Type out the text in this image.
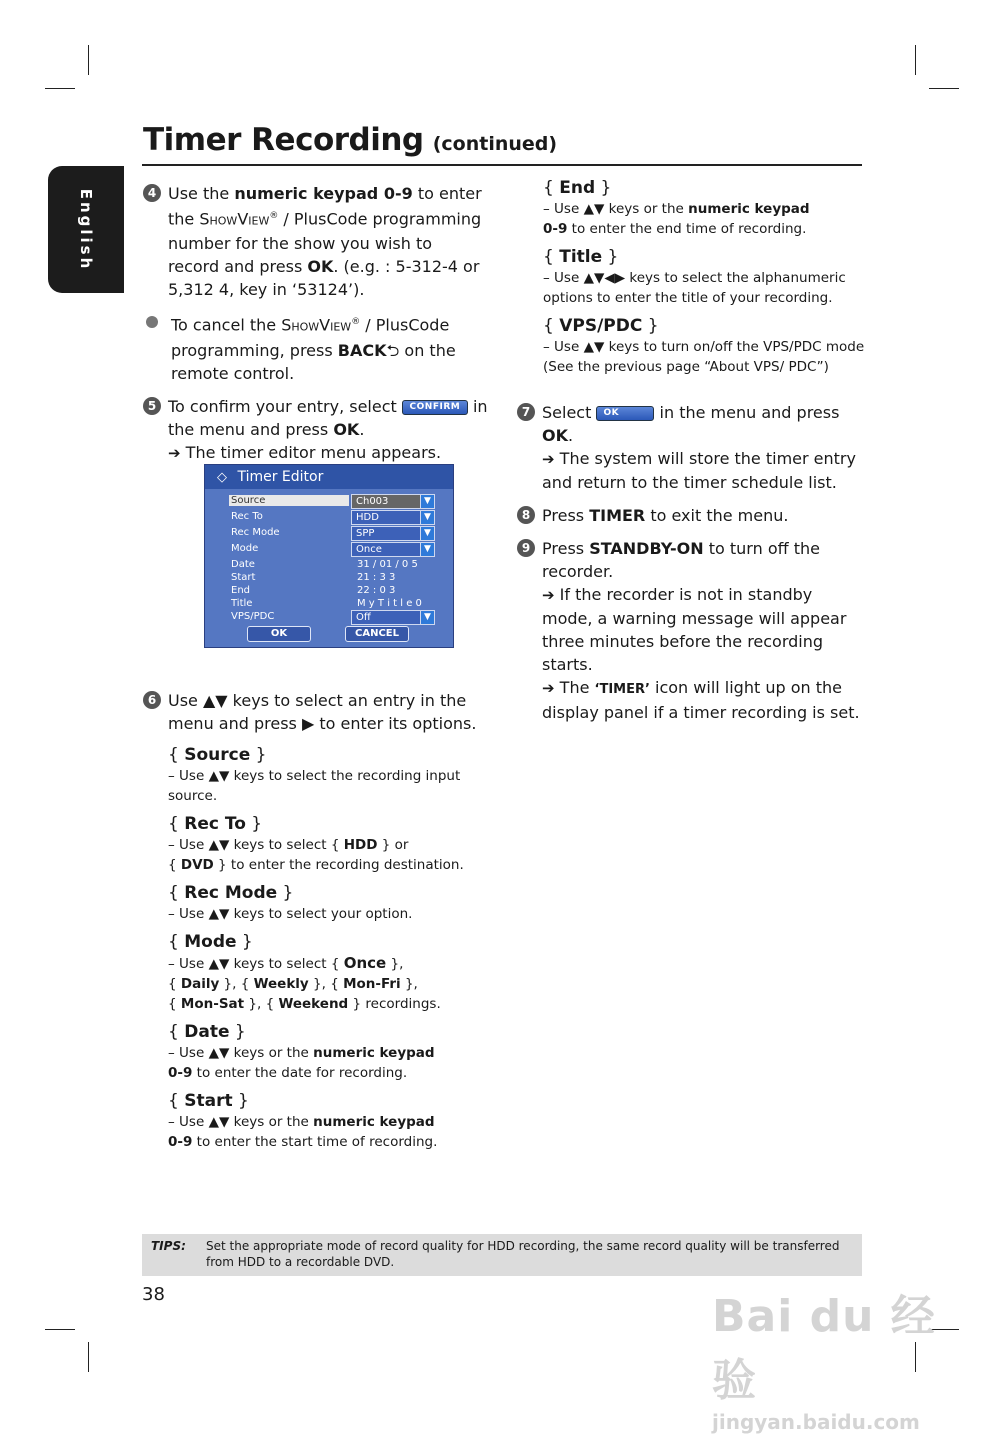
Timer Recording (continued)
English	4 Use the numeric keypad 0-9 to enter the SHOWVIEW® / PlusCode programming number for the show you wish to record and press OK. (e.g. : 5-312-4 or 5,312 4, key in ‘53124’).
To cancel the SHOWVIEW® / PlusCode programming, press BACK⮌ on the remote control.
5 To confirm your entry, select CONFIRM in the menu and press OK.
➔ The timer editor menu appears.
6 Use ▲▼ keys to select an entry in the menu and press ▶ to enter its options.
{ Source }
– Use ▲▼ keys to select the recording input source.
{ Rec To }
– Use ▲▼ keys to select { HDD } or
{ DVD } to enter the recording destination.
{ Rec Mode }
– Use ▲▼ keys to select your option.
{ Mode }
– Use ▲▼ keys to select { Once },
{ Daily }, { Weekly }, { Mon-Fri },
{ Mon-Sat }, { Weekend } recordings.
{ Date }
– Use ▲▼ keys or the numeric keypad
0-9 to enter the date for recording.
{ Start }
– Use ▲▼ keys or the numeric keypad
0-9 to enter the start time of recording.
◇ Timer Editor
Source	Ch003	▼
Rec To	HDD	▼
Rec Mode	SPP	▼
Mode	Once	▼
Date	31 / 01 / 0 5
Start	21 : 3 3
End	22 : 0 3
Title	M y T i t l e 0
VPS/PDC	Off	▼
OK	CANCEL
{ End }
– Use ▲▼ keys or the numeric keypad
0-9 to enter the end time of recording.
{ Title }
– Use ▲▼◀▶ keys to select the alphanumeric options to enter the title of your recording.
{ VPS/PDC }
– Use ▲▼ keys to turn on/off the VPS/PDC mode (See the previous page “About VPS/ PDC”)
7 Select OK in the menu and press OK.
➔ The system will store the timer entry and return to the timer schedule list.
8 Press TIMER to exit the menu.
9 Press STANDBY-ON to turn off the recorder.
➔ If the recorder is not in standby mode, a warning message will appear three minutes before the recording starts.
➔ The ‘TIMER’ icon will light up on the display panel if a timer recording is set.
TIPS: Set the appropriate mode of record quality for HDD recording, the same record quality will be transferred from HDD to a recordable DVD.
38	Bai du 经验
jingyan.baidu.com
